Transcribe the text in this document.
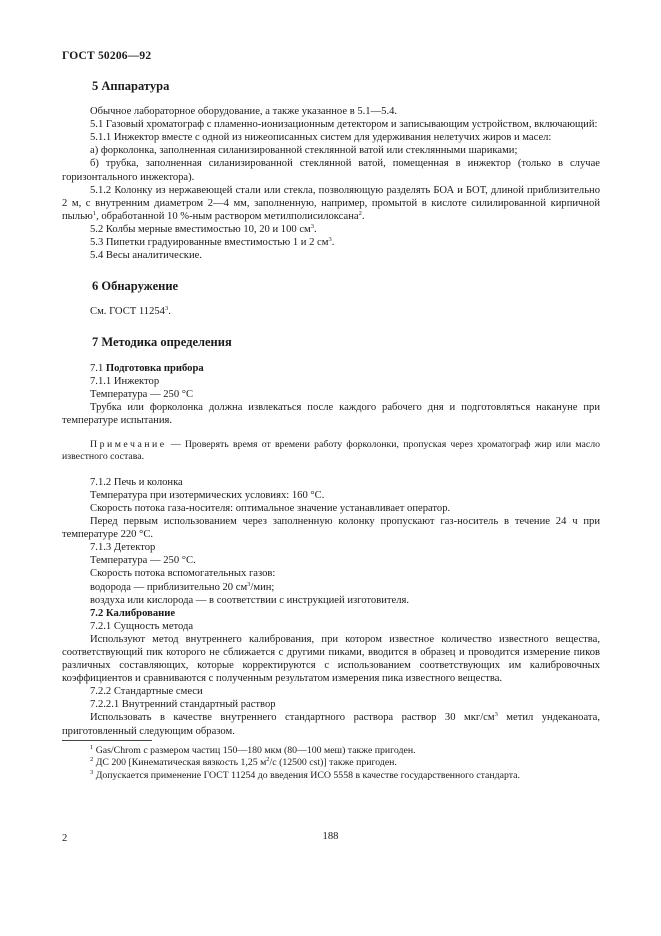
ГОСТ 50206—92
5 Аппаратура

Обычное лабораторное оборудование, а также указанное в 5.1—5.4.

5.1 Газовый хроматограф с пламенно-ионизационным детектором и записывающим устройством, включающий:

5.1.1 Инжектор вместе с одной из нижеописанных систем для удерживания нелетучих жиров и масел:

а) форколонка, заполненная силанизированной стеклянной ватой или стеклянными шариками;

б) трубка, заполненная силанизированной стеклянной ватой, помещенная в инжектор (только в случае горизонтального инжектора).

5.1.2 Колонку из нержавеющей стали или стекла, позволяющую разделять БОА и БОТ, длиной приблизительно 2 м, с внутренним диаметром 2—4 мм, заполненную, например, промытой в кислоте силилированной кирпичной пылью$^1$, обработанной 10 %-ным раствором метилполисилоксана$^2$.

5.2 Колбы мерные вместимостью 10, 20 и 100 $см^3$.

5.3 Пипетки градуированные вместимостью 1 и 2 $см^3$.

5.4 Весы аналитические.

6 Обнаружение

См. ГОСТ 11254$^3$.

7 Методика определения

7.1 Подготовка прибора

7.1.1 Инжектор

Температура — 250 °С

Трубка или форколонка должна извлекаться после каждого рабочего дня и подготовляться накануне при температуре испытания.

Примечание — Проверять время от времени работу форколонки, пропуская через хроматограф жир или масло известного состава.

7.1.2 Печь и колонка

Температура при изотермических условиях: 160 °С.

Скорость потока газа-носителя: оптимальное значение устанавливает оператор.

Перед первым использованием через заполненную колонку пропускают газ-носитель в течение 24 ч при температуре 220 °С.

7.1.3 Детектор

Температура — 250 °С.

Скорость потока вспомогательных газов:

водорода — приблизительно 20 $см^3$/мин;

воздуха или кислорода — в соответствии с инструкцией изготовителя.

7.2 Калибрование

7.2.1 Сущность метода

Используют метод внутреннего калибрования, при котором известное количество известного вещества, соответствующий пик которого не сближается с другими пиками, вводится в образец и проводится измерение пиков различных составляющих, которые корректируются с использованием соответствующих им калибровочных коэффициентов и сравниваются с полученным результатом измерения пика известного вещества.

7.2.2 Стандартные смеси

7.2.2.1 Внутренний стандартный раствор

Использовать в качестве внутреннего стандартного раствора раствор 30 мкг/$см^3$ метил ундеканоата, приготовленный следующим образом.

$^1$ Gas/Chrom с размером частиц 150—180 мкм (80—100 меш) также пригоден.

$^2$ ДС 200 [Кинематическая вязкость 1,25 $м^2/с$ (12500 cst)] также пригоден.

$^3$ Допускается применение ГОСТ 11254 до введения ИСО 5558 в качестве государственного стандарта.

2	188
